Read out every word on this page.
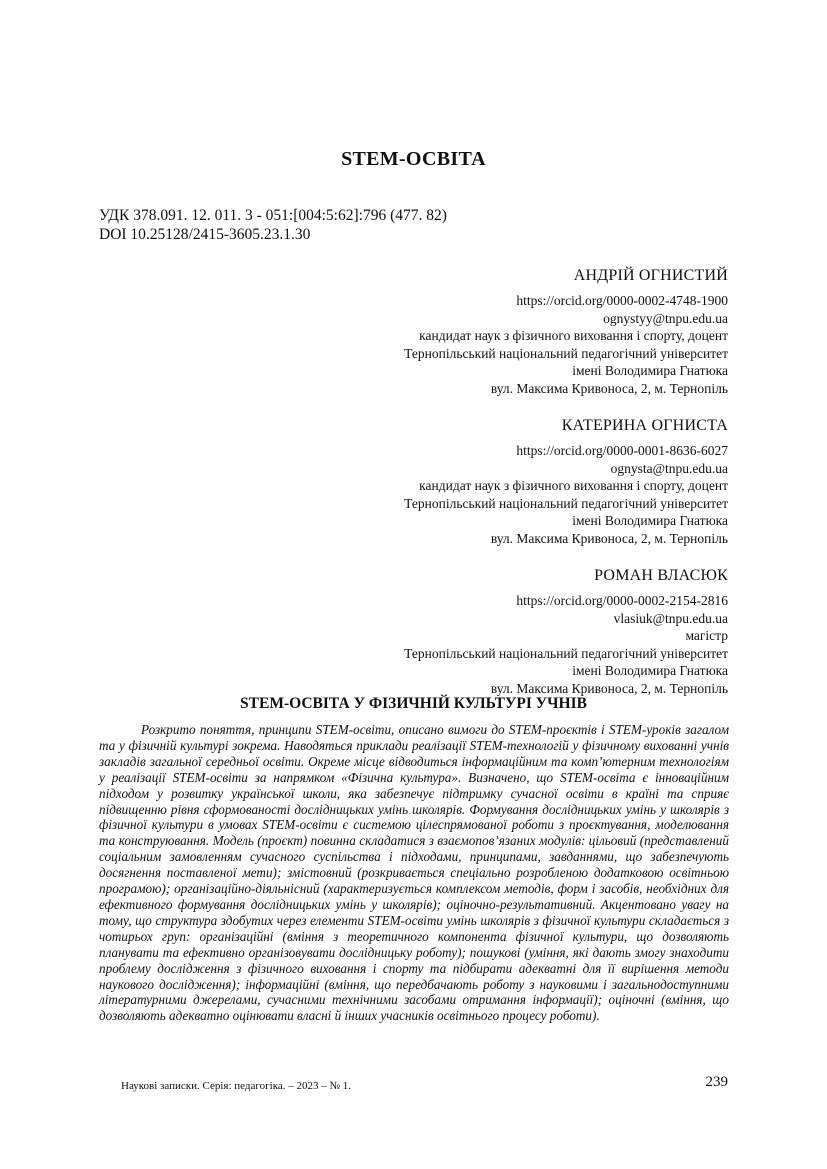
STEM-ОСВІТА
УДК 378.091. 12. 011. 3 - 051:[004:5:62]:796 (477. 82)
DOI 10.25128/2415-3605.23.1.30
АНДРІЙ ОГНИСТИЙ
https://orcid.org/0000-0002-4748-1900
ognystyy@tnpu.edu.ua
кандидат наук з фізичного виховання і спорту, доцент
Тернопільський національний педагогічний університет
імені Володимира Гнатюка
вул. Максима Кривоноса, 2, м. Тернопіль
КАТЕРИНА ОГНИСТА
https://orcid.org/0000-0001-8636-6027
ognysta@tnpu.edu.ua
кандидат наук з фізичного виховання і спорту, доцент
Тернопільський національний педагогічний університет
імені Володимира Гнатюка
вул. Максима Кривоноса, 2, м. Тернопіль
РОМАН ВЛАСЮК
https://orcid.org/0000-0002-2154-2816
vlasiuk@tnpu.edu.ua
магістр
Тернопільський національний педагогічний університет
імені Володимира Гнатюка
вул. Максима Кривоноса, 2, м. Тернопіль
STEM-ОСВІТА У ФІЗИЧНІЙ КУЛЬТУРІ УЧНІВ

Розкрито поняття, принципи STEM-освіти, описано вимоги до STEM-проєктів і STEM-уроків загалом та у фізичній культурі зокрема. Наводяться приклади реалізації STEM-технологій у фізичному вихованні учнів закладів загальної середньої освіти. Окреме місце відводиться інформаційним та комп’ютерним технологіям у реалізації STEM-освіти за напрямком «Фізична культура». Визначено, що STEM-освіта є інноваційним підходом у розвитку української школи, яка забезпечує підтримку сучасної освіти в країні та сприяє підвищенню рівня сформованості дослідницьких умінь школярів. Формування дослідницьких умінь у школярів з фізичної культури в умовах STEM-освіти є системою цілеспрямованої роботи з проєктування, моделювання та конструювання. Модель (проєкт) повинна складатися з взаємопов’язаних модулів: цільовий (представлений соціальним замовленням сучасного суспільства і підходами, принципами, завданнями, що забезпечують досягнення поставленої мети); змістовний (розкривається спеціально розробленою додатковою освітньою програмою); організаційно-діяльнісний (характеризується комплексом методів, форм і засобів, необхідних для ефективного формування дослідницьких умінь у школярів); оціночно-результативний. Акцентовано увагу на тому, що структура здобутих через елементи STEM-освіти умінь школярів з фізичної культури складається з чотирьох груп: організаційні (вміння з теоретичного компонента фізичної культури, що дозволяють планувати та ефективно організовувати дослідницьку роботу); пошукові (уміння, які дають змогу знаходити проблему дослідження з фізичного виховання і спорту та підбирати адекватні для її вирішення методи наукового дослідження); інформаційні (вміння, що передбачають роботу з науковими і загальнодоступними літературними джерелами, сучасними технічними засобами отримання інформації); оціночні (вміння, що дозволяють адекватно оцінювати власні й інших учасників освітнього процесу роботи).

Наукові записки. Серія: педагогіка. – 2023 – № 1.	239
